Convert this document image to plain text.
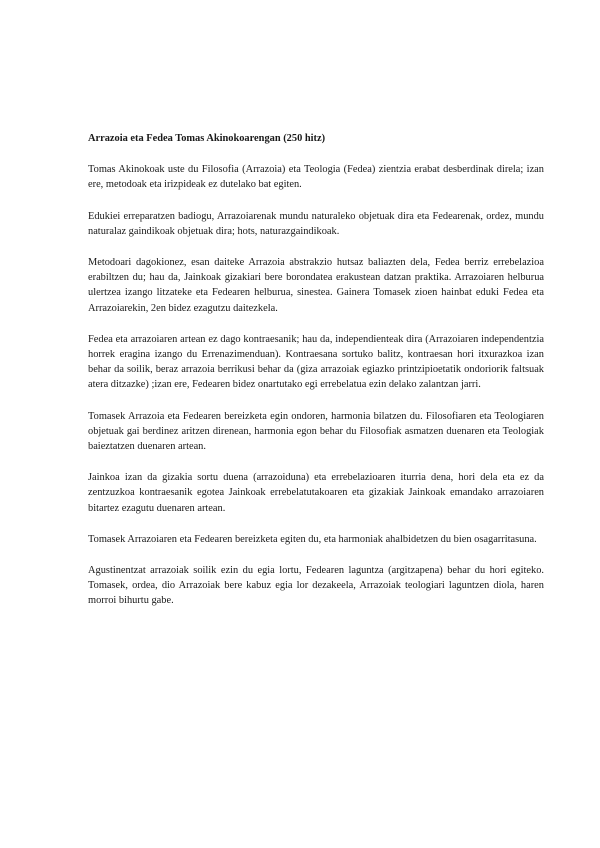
Arrazoia eta Fedea Tomas Akinokoarengan (250 hitz)

Tomas Akinokoak uste du Filosofia (Arrazoia) eta Teologia (Fedea) zientzia erabat desberdinak direla; izan ere, metodoak eta irizpideak ez dutelako bat egiten.

Edukiei erreparatzen badiogu, Arrazoiarenak mundu naturaleko objetuak dira eta Fedearenak, ordez, mundu naturalaz gaindikoak objetuak dira; hots, naturazgaindikoak.

Metodoari dagokionez, esan daiteke Arrazoia abstrakzio hutsaz baliazten dela, Fedea berriz errebelazioa erabiltzen du; hau da, Jainkoak gizakiari bere borondatea erakustean datzan praktika. Arrazoiaren helburua ulertzea izango litzateke eta Fedearen helburua, sinestea. Gainera Tomasek zioen hainbat eduki Fedea eta Arrazoiarekin, 2en bidez ezagutzu daitezkela.

Fedea eta arrazoiaren artean ez dago kontraesanik; hau da, independienteak dira (Arrazoiaren independentzia horrek eragina izango du Errenazimenduan). Kontraesana sortuko balitz, kontraesan hori itxurazkoa izan behar da soilik, beraz arrazoia berrikusi behar da (giza arrazoiak egiazko printzipioetatik ondoriorik faltsuak atera ditzazke) ;izan ere, Fedearen bidez onartutako egi errebelatua ezin delako zalantzan jarri.

Tomasek Arrazoia eta Fedearen bereizketa egin ondoren, harmonia bilatzen du. Filosofiaren eta Teologiaren objetuak gai berdinez aritzen direnean, harmonia egon behar du Filosofiak asmatzen duenaren eta Teologiak baieztatzen duenaren artean.

Jainkoa izan da gizakia sortu duena (arrazoiduna) eta errebelazioaren iturria dena, hori dela eta ez da zentzuzkoa kontraesanik egotea Jainkoak errebelatutakoaren eta gizakiak Jainkoak emandako arrazoiaren bitartez ezagutu duenaren artean.

Tomasek Arrazoiaren eta Fedearen bereizketa egiten du, eta harmoniak ahalbidetzen du bien osagarritasuna.

Agustinentzat arrazoiak soilik ezin du egia lortu, Fedearen laguntza (argitzapena) behar du hori egiteko. Tomasek, ordea, dio Arrazoiak bere kabuz egia lor dezakeela, Arrazoiak teologiari laguntzen diola, haren morroi bihurtu gabe.
